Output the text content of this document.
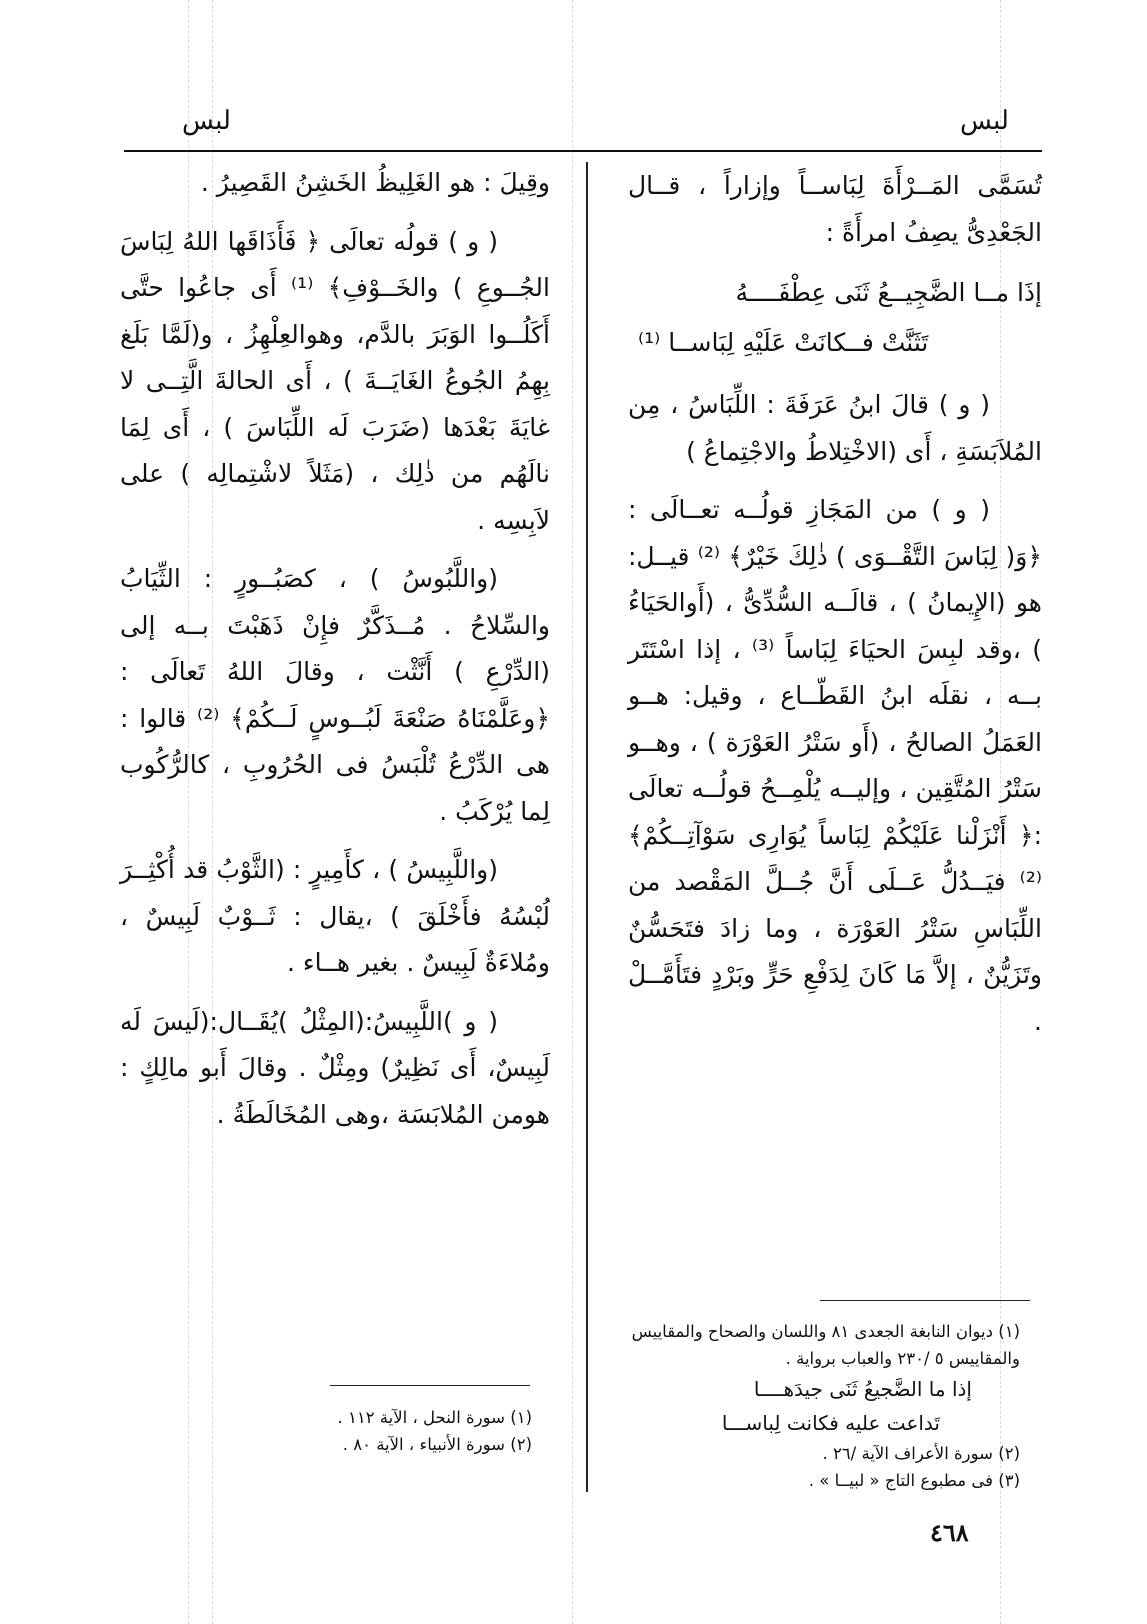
لبس
لبس

تُسَمَّى المَــرْأَةَ لِبَاســاً وإزاراً ، قــال الجَعْدِىُّ يصِفُ امرأَةً :

إذَا مــا الضَّجِيــعُ ثَنَى عِطْفَــــهُ
تَثَنَّتْ فــكانَتْ عَلَيْهِ لِبَاســا ⁽¹⁾

( و ) قالَ ابنُ عَرَفَةَ : اللِّبَاسُ ، مِن المُلاَبَسَةِ ، أَى (الاخْتِلاطُ والاجْتِماعُ )

( و ) من المَجَازِ قولُــه تعــالَى : ﴿وَ( لِبَاسَ التَّقْــوَى ) ذٰلِكَ خَيْرٌ﴾ ⁽²⁾ قيــل: هو (الإِيمانُ ) ، قالَــه السُّدِّىُّ ، (أَوالحَيَاءُ ) ،وقد لبِسَ الحيَاءَ لِبَاساً ⁽³⁾ ، إذا اسْتَتَر بــه ، نقلَه ابنُ القَطّــاع ، وقيل: هــو العَمَلُ الصالحُ ، (أَو سَتْرُ العَوْرَة ) ، وهــو سَتْرُ المُتَّقِين ، وإليــه يُلْمِــحُ قولُــه تعالَى :﴿ أَنْزَلْنا عَلَيْكُمْ لِبَاساً يُوَارِى سَوْآتِــكُمْ﴾ ⁽²⁾ فيَــدُلُّ عَــلَى أَنَّ جُــلَّ المَقْصد من اللِّبَاسِ سَتْرُ العَوْرَة ، وما زادَ فتَحَسُّنٌ وتَزَيُّنٌ ، إلاَّ مَا كَانَ لِدَفْعِ حَرٍّ وبَرْدٍ فتَأَمَّــلْ .

وقِيلَ : هو الغَلِيظُ الخَشِنُ القَصِيرُ .

( و ) قولُه تعالَى ﴿ فَأَذَاقَها اللهُ لِبَاسَ الجُــوعِ ) والخَــوْفِ﴾ ⁽¹⁾ أَى جاعُوا حتَّى أَكَلُــوا الوَبَرَ بالدَّم، وهوالعِلْهِزُ ، و(لَمَّا بَلَغ بِهِمُ الجُوعُ الغَايَــةَ ) ، أَى الحالةَ الَّتِــى لا غايَةَ بَعْدَها (ضَرَبَ لَه اللِّبَاسَ ) ، أَى لِمَا نالَهُم من ذٰلِك ، (مَثَلاً لاشْتِمالِه ) على لاَبِسِه .

(واللَّبُوسُ ) ، كصَبُــورٍ : الثِّيَابُ والسِّلاحُ . مُــذَكَّرٌ فإِنْ ذَهَبْتَ بــه إلى (الدِّرْعِ ) أَنَّثْت ، وقالَ اللهُ تَعالَى : ﴿وعَلَّمْنَاهُ صَنْعَةَ لَبُــوسٍ لَــكُمْ﴾ ⁽²⁾ قالوا : هى الدِّرْعُ تُلْبَسُ فى الحُرُوبِ ، كالرُّكُوب لِما يُرْكَبُ .

(واللَّبِيسُ ) ، كأَمِيرٍ : (الثَّوْبُ قد أُكْثِــرَ لُبْسُهُ فأَخْلَقَ ) ،يقال : ثَــوْبٌ لَبِيسٌ ، ومُلاءَةٌ لَبِيسٌ . بغير هــاء .

( و )اللَّبِيسُ:(المِثْلُ )يُقَــال:(لَيسَ لَه لَبِيسٌ، أَى نَظِيرٌ) ومِثْلٌ . وقالَ أَبو مالِكٍ : هومن المُلابَسَة ،وهى المُخَالَطَةُ .

(١) ديوان النابغة الجعدى ٨١ واللسان والصحاح والمقاييس والمقاييس ٥ /٢٣٠ والعباب برواية .

إذا ما الضَّجيعُ ثَنَى جيدَهــــا
تَداعت عليه فكانت لِباســـا

(٢) سورة الأعراف الآية /٢٦ .

(٣) فى مطبوع التاج « لبيــا » .

(١) سورة النحل ، الآية ١١٢ .

(٢) سورة الأنبياء ، الآية ٨٠ .

٤٦٨
